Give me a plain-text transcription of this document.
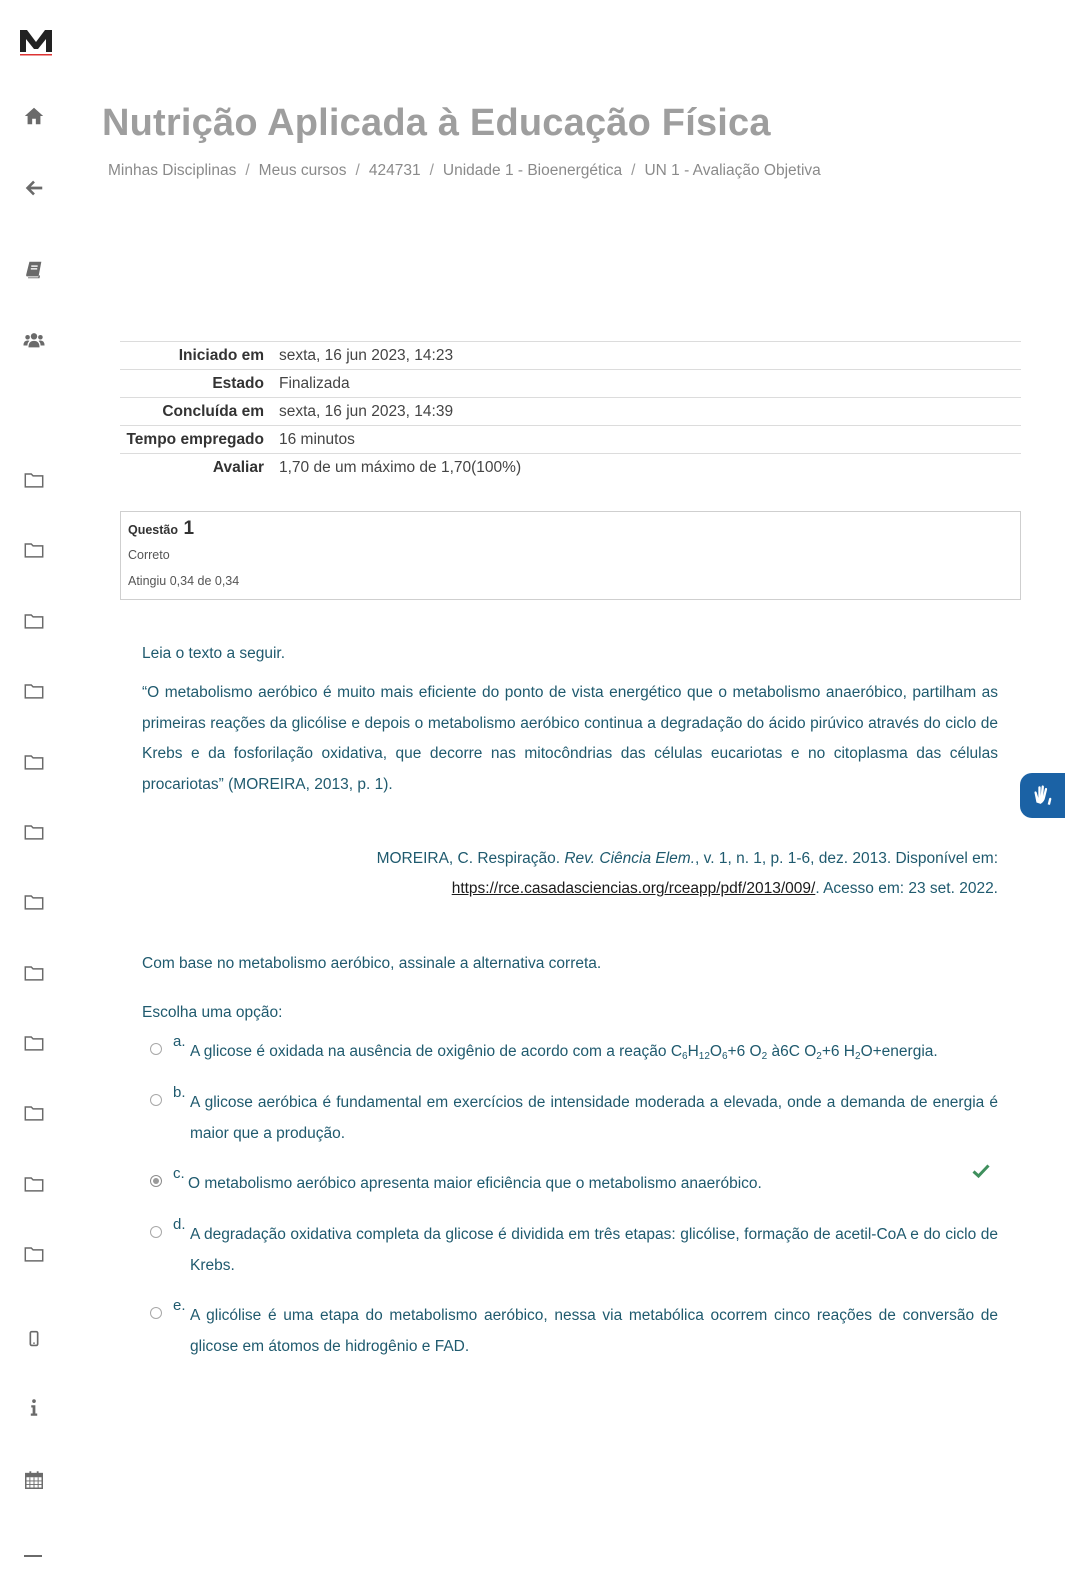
Nutrição Aplicada à Educação Física
Minhas Disciplinas / Meus cursos / 424731 / Unidade 1 - Bioenergética / UN 1 - Avaliação Objetiva
Iniciado em	sexta, 16 jun 2023, 14:23
Estado	Finalizada
Concluída em	sexta, 16 jun 2023, 14:39
Tempo empregado	16 minutos
Avaliar	1,70 de um máximo de 1,70(100%)
Questão 1
Correto
Atingiu 0,34 de 0,34

Leia o texto a seguir.

“O metabolismo aeróbico é muito mais eficiente do ponto de vista energético que o metabolismo anaeróbico, partilham as primeiras reações da glicólise e depois o metabolismo aeróbico continua a degradação do ácido pirúvico através do ciclo de Krebs e da fosforilação oxidativa, que decorre nas mitocôndrias das células eucariotas e no citoplasma das células procariotas” (MOREIRA, 2013, p. 1).

MOREIRA, C. Respiração. Rev. Ciência Elem., v. 1, n. 1, p. 1-6, dez. 2013. Disponível em: https://rce.casadasciencias.org/rceapp/pdf/2013/009/. Acesso em: 23 set. 2022.

Com base no metabolismo aeróbico, assinale a alternativa correta.

Escolha uma opção:

a.
A glicose é oxidada na ausência de oxigênio de acordo com a reação $C_6H_{12}O_6+6$ $O_2$ à6C $O_2+6$ $H_2O+energia$.
b.
A glicose aeróbica é fundamental em exercícios de intensidade moderada a elevada, onde a demanda de energia é maior que a produção.
c.
O metabolismo aeróbico apresenta maior eficiência que o metabolismo anaeróbico.
d.
A degradação oxidativa completa da glicose é dividida em três etapas: glicólise, formação de acetil-CoA e do ciclo de Krebs.
e.
A glicólise é uma etapa do metabolismo aeróbico, nessa via metabólica ocorrem cinco reações de conversão de glicose em átomos de hidrogênio e FAD.
